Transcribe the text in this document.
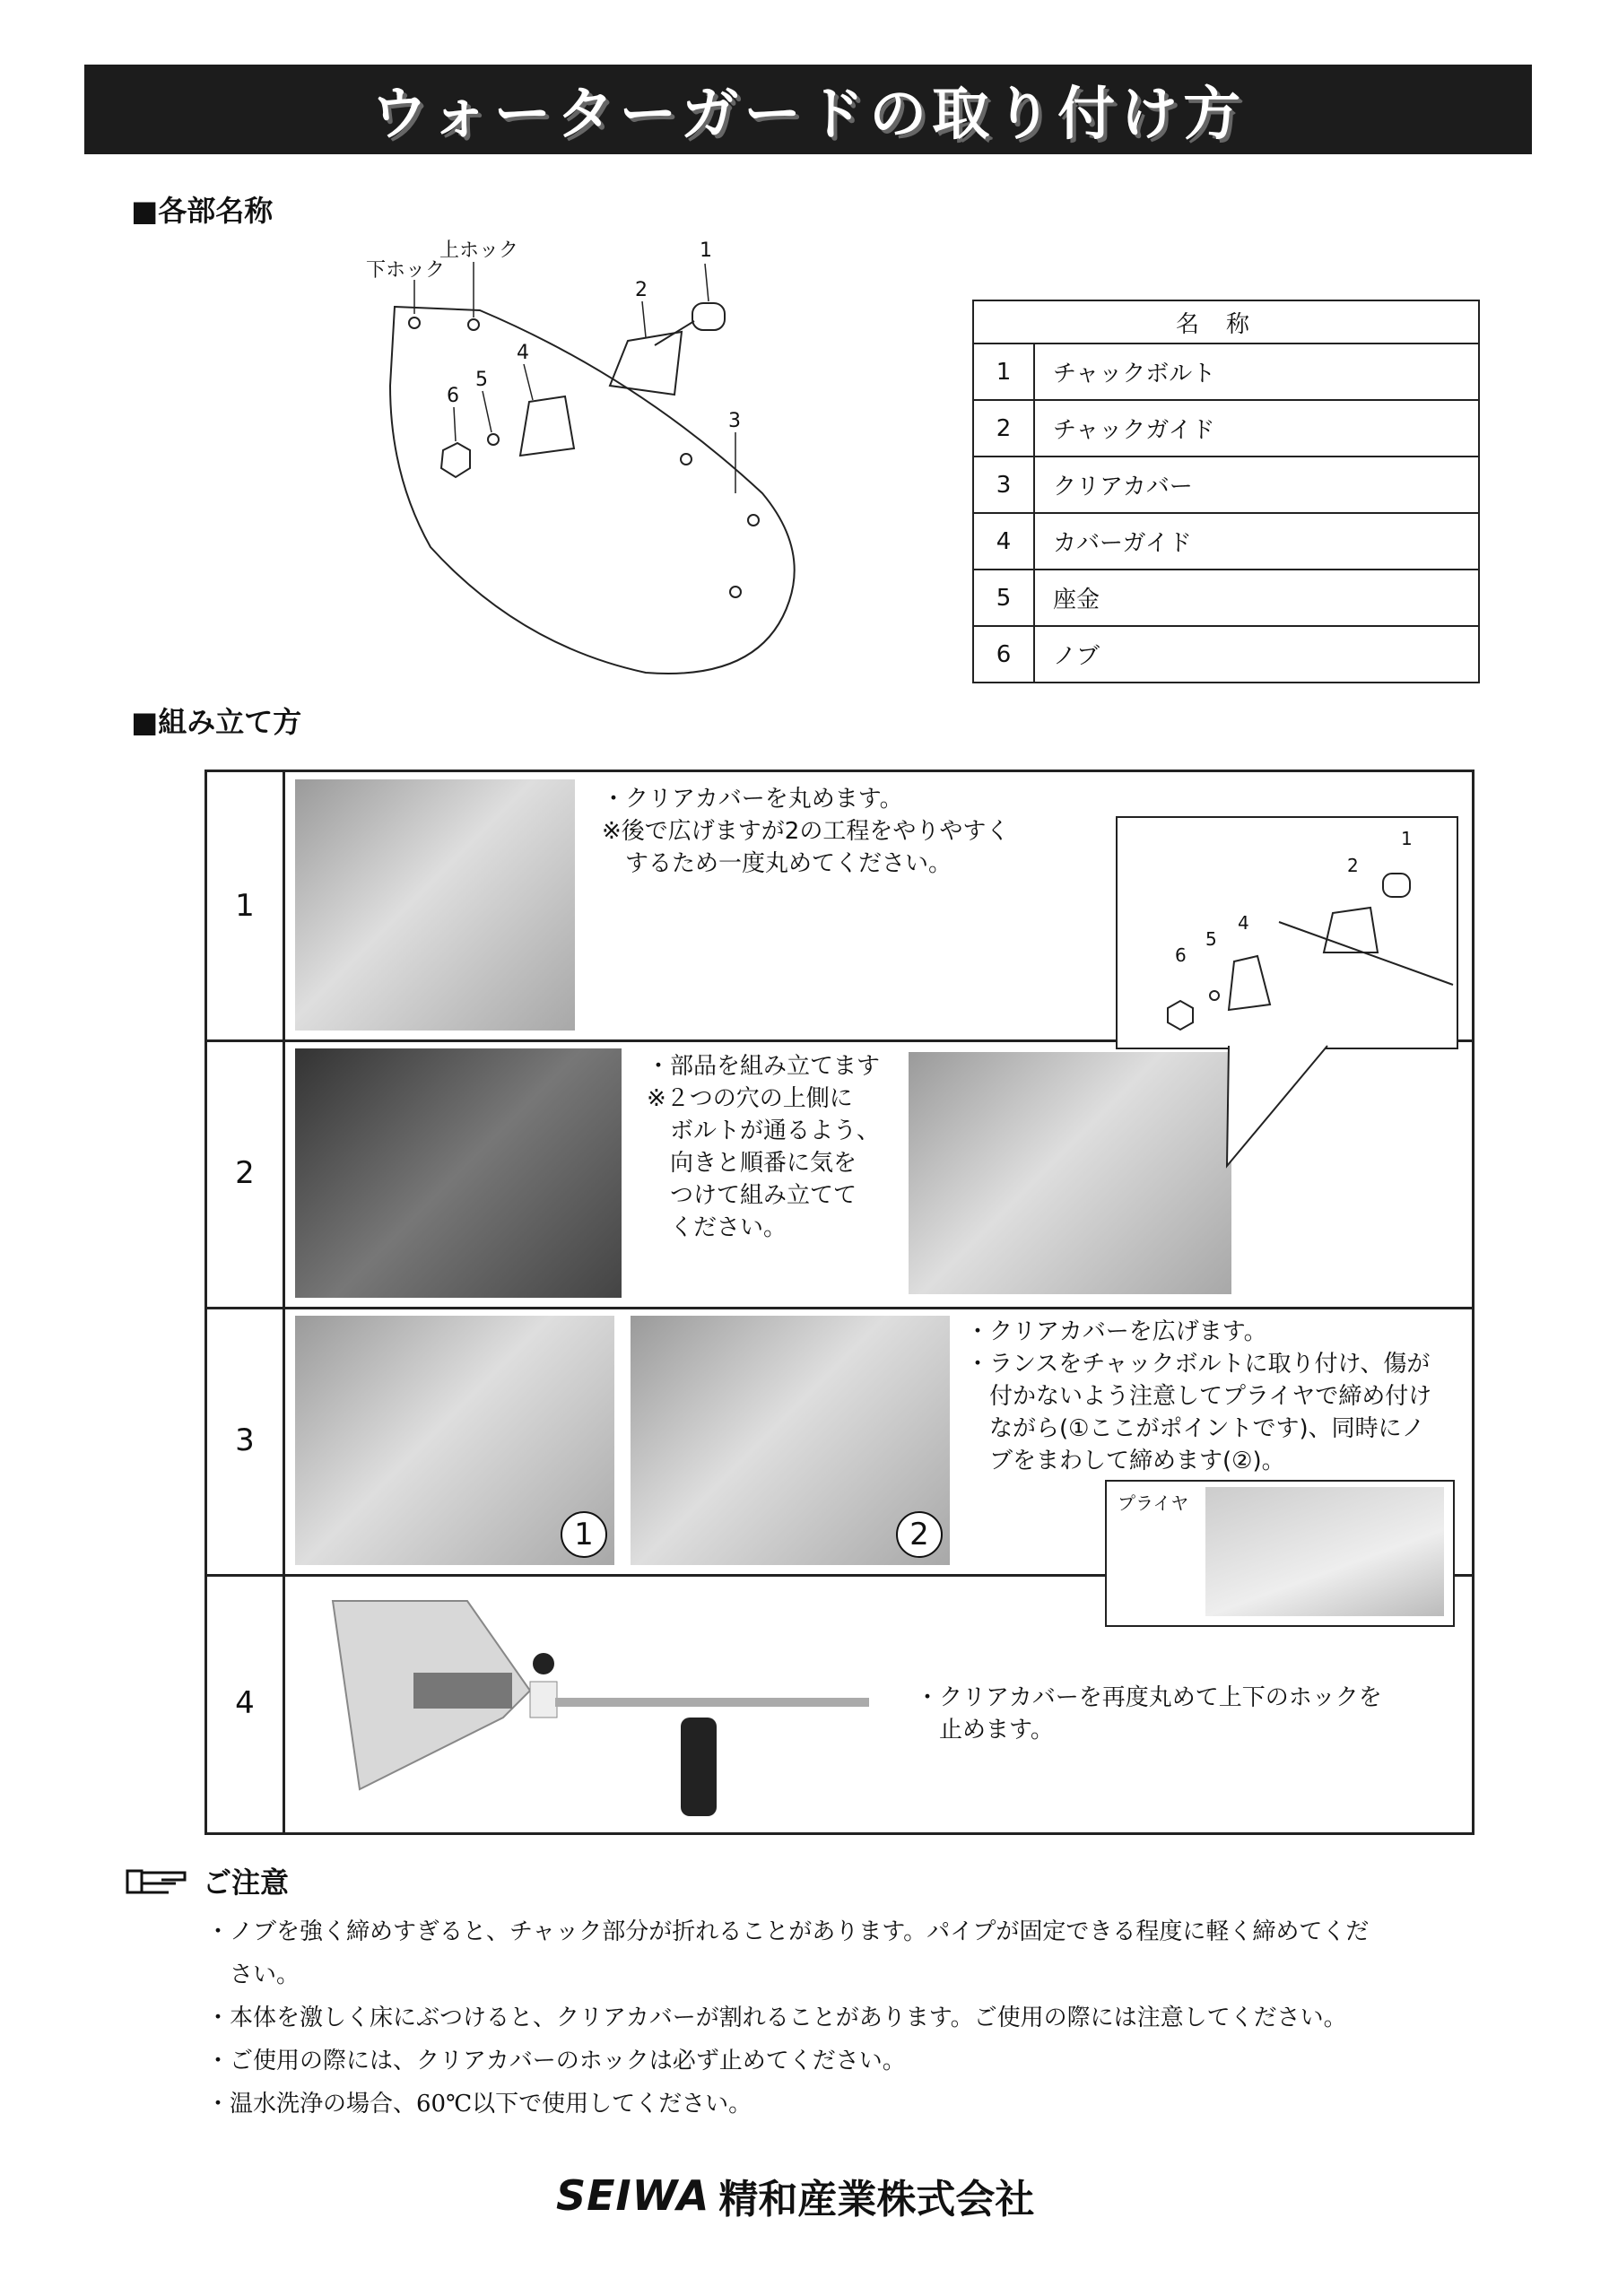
ウォーターガードの取り付け方
■各部名称
下ホック
上ホック	1
2
3
4
5
6
名称	
1	チャックボルト
2	チャックガイド
3	クリアカバー
4	カバーガイド
5	座金
6	ノブ
■組み立て方
1
・クリアカバーを丸めます。
※後で広げますが2の工程をやりやすく
　するため一度丸めてください。
2
・部品を組み立てます
※２つの穴の上側に
　ボルトが通るよう、
　向きと順番に気を
　つけて組み立てて
　ください。
3
1	2
・クリアカバーを広げます。
・ランスをチャックボルトに取り付け、傷が
　付かないよう注意してプライヤで締め付け
　ながら(①ここがポイントです)、同時にノ
　ブをまわして締めます(②)。
4	・クリアカバーを再度丸めて上下のホックを
　止めます。
1
2
4
5
6
プライヤ
ご注意
・ノブを強く締めすぎると、チャック部分が折れることがあります。パイプが固定できる程度に軽く締めてくだ
　さい。
・本体を激しく床にぶつけると、クリアカバーが割れることがあります。ご使用の際には注意してください。
・ご使用の際には、クリアカバーのホックは必ず止めてください。
・温水洗浄の場合、60℃以下で使用してください。
SEIWA 精和産業株式会社
